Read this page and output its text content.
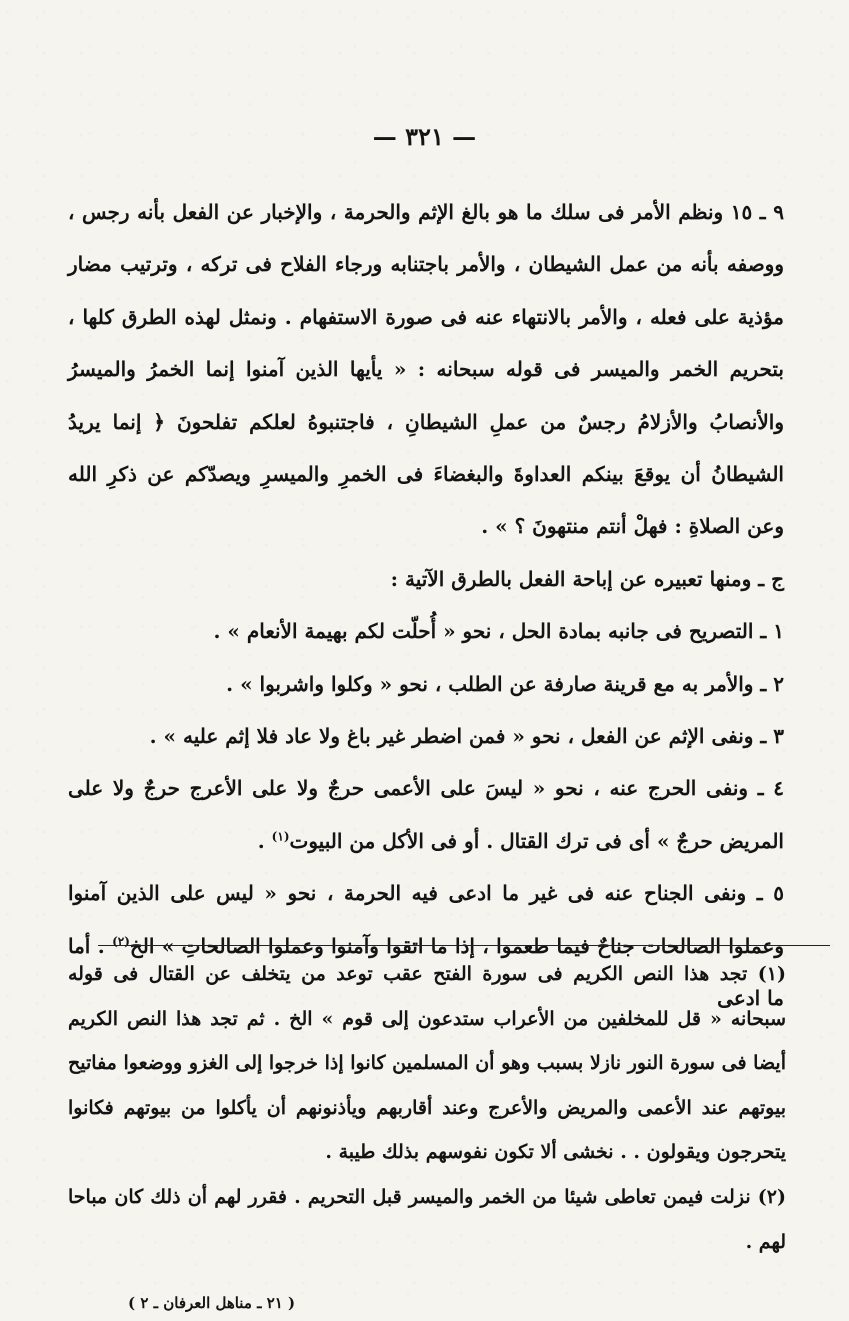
— ٣٢١ —

٩ ـ ١٥ ونظم الأمر فى سلك ما هو بالغ الإثم والحرمة ، والإخبار عن الفعل بأنه رجس ، ووصفه بأنه من عمل الشيطان ، والأمر باجتنابه ورجاء الفلاح فى تركه ، وترتيب مضار مؤذية على فعله ، والأمر بالانتهاء عنه فى صورة الاستفهام . ونمثل لهذه الطرق كلها ، بتحريم الخمر والميسر فى قوله سبحانه : « يأيها الذين آمنوا إنما الخمرُ والميسرُ والأنصابُ والأزلامُ رجسٌ من عملِ الشيطانِ ، فاجتنبوهُ لعلكم تفلحونَ ﴿ إنما يريدُ الشيطانُ أن يوقعَ بينكم العداوةَ والبغضاءَ فى الخمرِ والميسرِ ويصدّكم عن ذكرِ الله وعن الصلاةِ : فهلْ أنتم منتهونَ ؟ » .

ج ـ ومنها تعبيره عن إباحة الفعل بالطرق الآتية :

١ ـ التصريح فى جانبه بمادة الحل ، نحو « أُحلّت لكم بهيمة الأنعام » .

٢ ـ والأمر به مع قرينة صارفة عن الطلب ، نحو « وكلوا واشربوا » .

٣ ـ ونفى الإثم عن الفعل ، نحو « فمن اضطر غير باغ ولا عاد فلا إثم عليه » .

٤ ـ ونفى الحرج عنه ، نحو « ليسَ على الأعمى حرجٌ ولا على الأعرج حرجٌ ولا على المريض حرجٌ » أى فى ترك القتال . أو فى الأكل من البيوت$^{(١)}$ .

٥ ـ ونفى الجناح عنه فى غير ما ادعى فيه الحرمة ، نحو « ليس على الذين آمنوا وعملوا الصالحات جناحٌ فيما طعموا ، إذا ما اتقوا وآمنوا وعملوا الصالحاتِ » الخ$^{(٢)}$ . أما ما ادعى

(١) تجد هذا النص الكريم فى سورة الفتح عقب توعد من يتخلف عن القتال فى قوله سبحانه « قل للمخلفين من الأعراب ستدعون إلى قوم » الخ . ثم تجد هذا النص الكريم أيضا فى سورة النور نازلا بسبب وهو أن المسلمين كانوا إذا خرجوا إلى الغزو ووضعوا مفاتيح بيوتهم عند الأعمى والمريض والأعرج وعند أقاربهم ويأذنونهم أن يأكلوا من بيوتهم فكانوا يتحرجون ويقولون . . نخشى ألا تكون نفوسهم بذلك طيبة .

(٢) نزلت فيمن تعاطى شيئا من الخمر والميسر قبل التحريم . فقرر لهم أن ذلك كان مباحا لهم .

( ٢١ ـ مناهل العرفان ـ ٢ )
